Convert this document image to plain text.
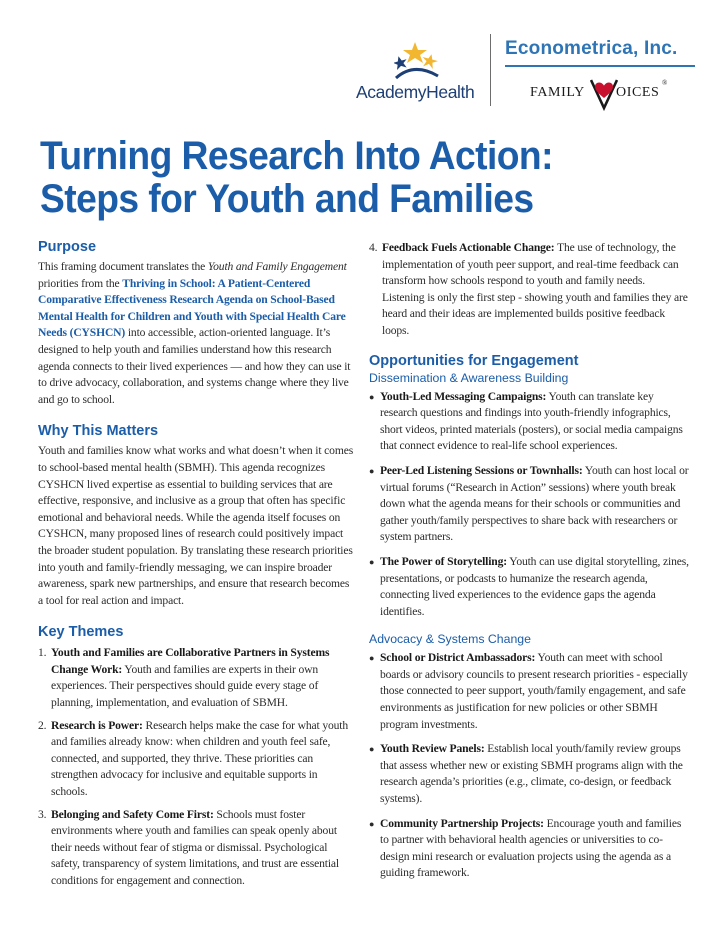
AcademyHealth
Econometrica, Inc.
FAMILY OICES
®
Turning Research Into Action:
Steps for Youth and Families
Purpose

This framing document translates the Youth and Family Engagement priorities from the Thriving in School: A Patient-Centered Comparative Effectiveness Research Agenda on School-Based Mental Health for Children and Youth with Special Health Care Needs (CYSHCN) into accessible, action-oriented language. It’s designed to help youth and families understand how this research agenda connects to their lived experiences — and how they can use it to drive advocacy, collaboration, and systems change where they live and go to school.

Why This Matters

Youth and families know what works and what doesn’t when it comes to school-based mental health (SBMH). This agenda recognizes CYSHCN lived expertise as essential to building services that are effective, responsive, and inclusive as a group that often has specific emotional and behavioral needs. While the agenda itself focuses on CYSHCN, many proposed lines of research could positively impact the broader student population. By translating these research priorities into youth and family-friendly messaging, we can inspire broader awareness, spark new partnerships, and ensure that research becomes a tool for real action and impact.

Key Themes
1. Youth and Families are Collaborative Partners in Systems Change Work: Youth and families are experts in their own experiences. Their perspectives should guide every stage of planning, implementation, and evaluation of SBMH.
2. Research is Power: Research helps make the case for what youth and families already know: when children and youth feel safe, connected, and supported, they thrive. These priorities can strengthen advocacy for inclusive and equitable supports in schools.
3. Belonging and Safety Come First: Schools must foster environments where youth and families can speak openly about their needs without fear of stigma or dismissal. Psychological safety, transparency of system limitations, and trust are essential conditions for engagement and connection.
4. Feedback Fuels Actionable Change: The use of technology, the implementation of youth peer support, and real-time feedback can transform how schools respond to youth and family needs. Listening is only the first step - showing youth and families they are heard and their ideas are implemented builds positive feedback loops.
Opportunities for Engagement
Dissemination & Awareness Building
● Youth-Led Messaging Campaigns: Youth can translate key research questions and findings into youth-friendly infographics, short videos, printed materials (posters), or social media campaigns that connect evidence to real-life school experiences.
● Peer-Led Listening Sessions or Townhalls: Youth can host local or virtual forums (“Research in Action” sessions) where youth break down what the agenda means for their schools or communities and gather youth/family perspectives to share back with researchers or system partners.
● The Power of Storytelling: Youth can use digital storytelling, zines, presentations, or podcasts to humanize the research agenda, connecting lived experiences to the evidence gaps the agenda identifies.
Advocacy & Systems Change
● School or District Ambassadors: Youth can meet with school boards or advisory councils to present research priorities - especially those connected to peer support, youth/family engagement, and safe environments as justification for new policies or other SBMH program investments.
● Youth Review Panels: Establish local youth/family review groups that assess whether new or existing SBMH programs align with the research agenda’s priorities (e.g., climate, co-design, or feedback systems).
● Community Partnership Projects: Encourage youth and families to partner with behavioral health agencies or universities to co-design mini research or evaluation projects using the agenda as a guiding framework.
